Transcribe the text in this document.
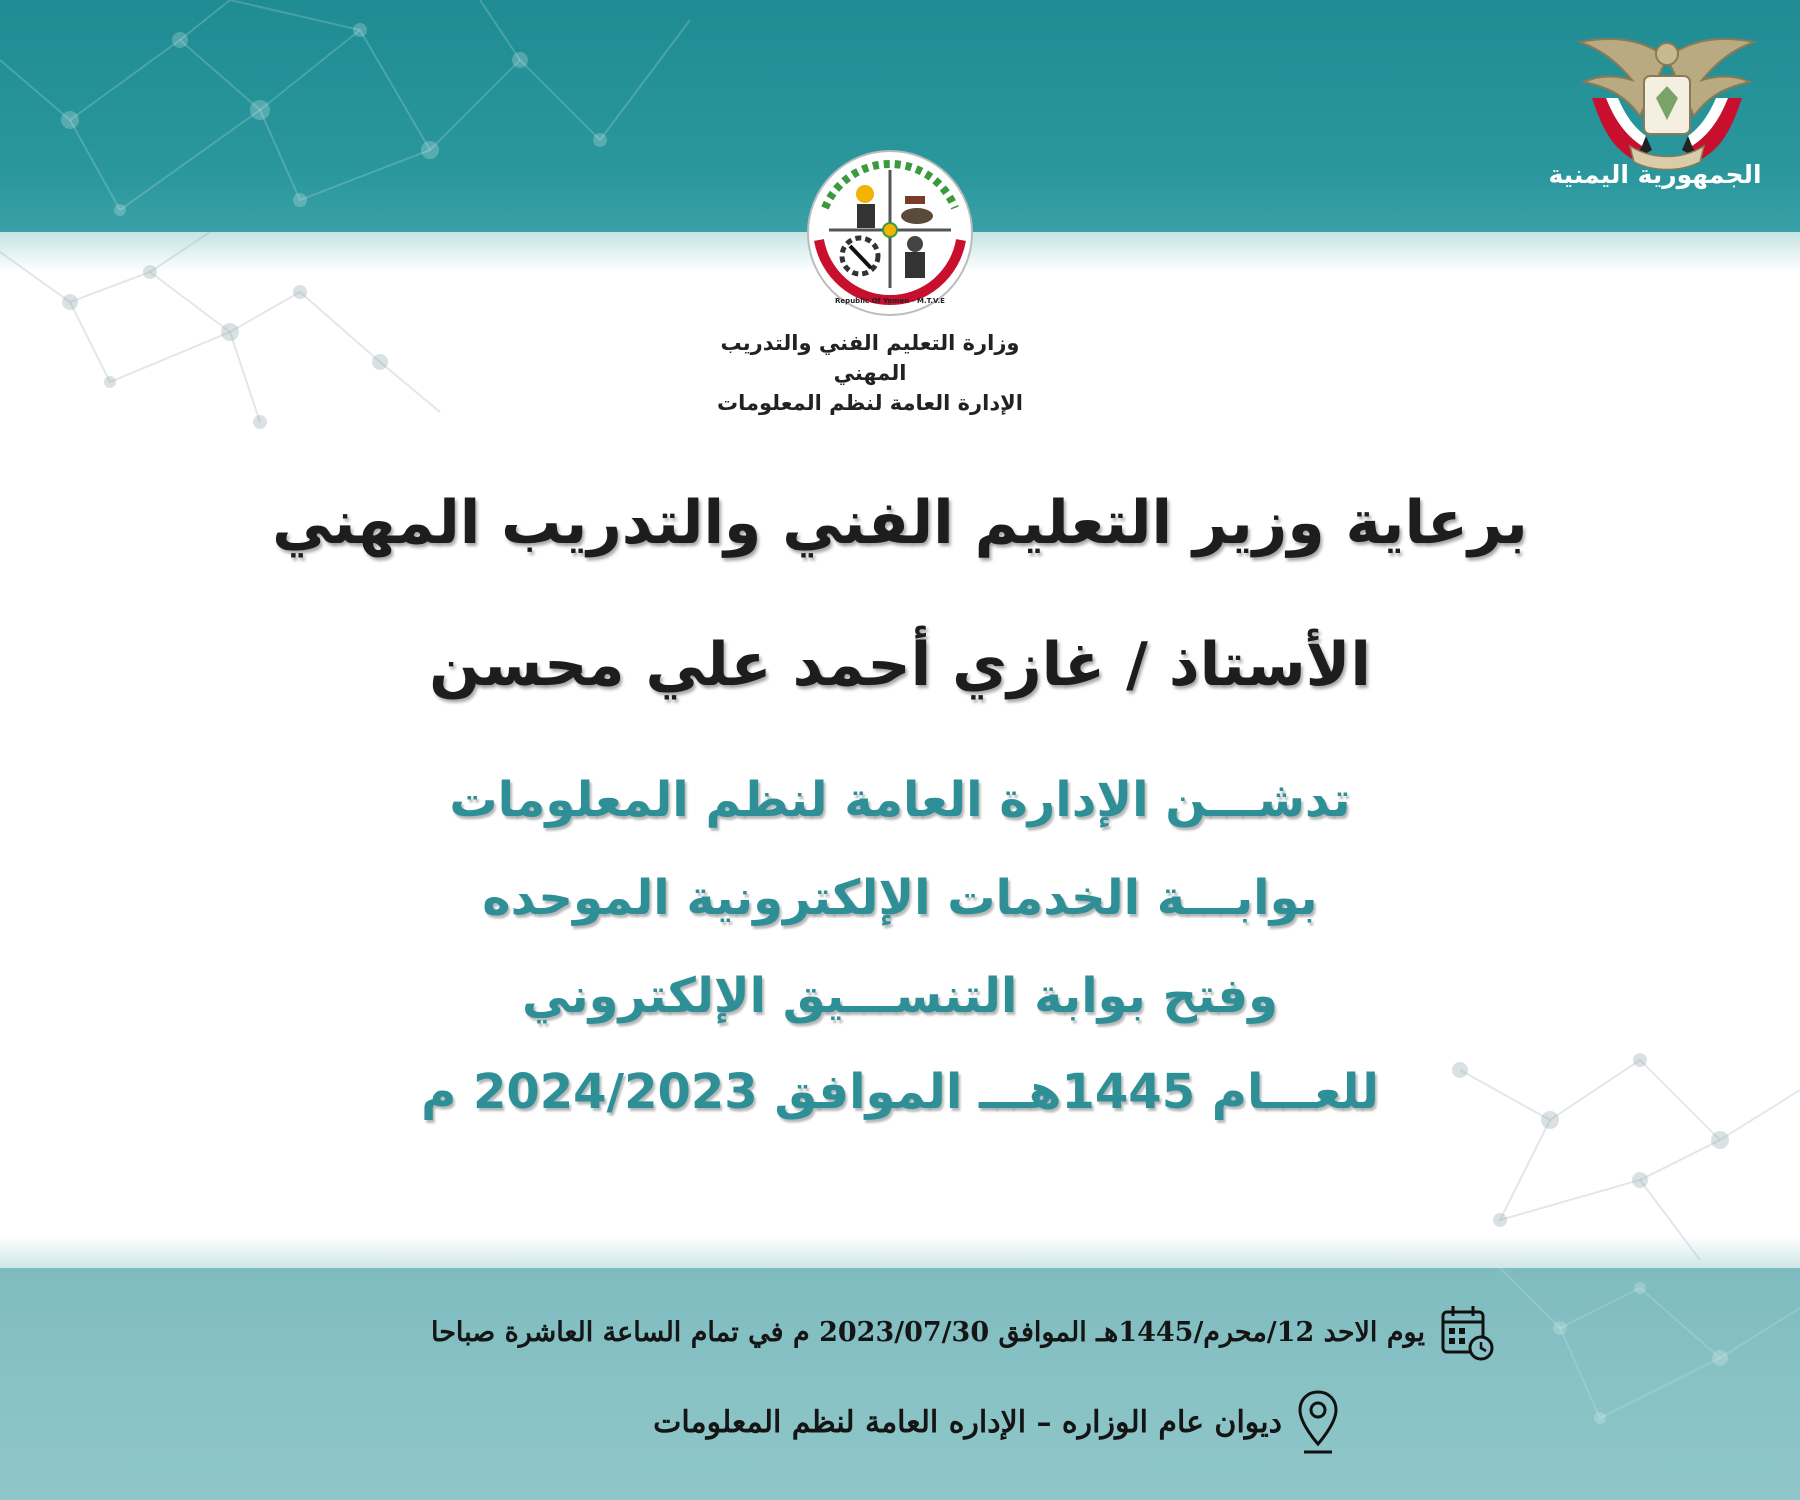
الجمهورية اليمنية
Republic Of Yemen - M.T.V.E
وزارة التعليم الفني والتدريب المهني
الإدارة العامة لنظم المعلومات
برعاية وزير التعليم الفني والتدريب المهني
الأستاذ / غازي أحمد علي محسن
تدشـــن الإدارة العامة لنظم المعلومات
بوابـــة الخدمات الإلكترونية الموحده
وفتح بوابة التنســـيق الإلكتروني
للعـــام 1445هـــ الموافق 2024/2023 م
يوم الاحد 12/محرم/1445هـ الموافق 2023/07/30 م في تمام الساعة العاشرة صباحا
ديوان عام الوزاره – الإداره العامة لنظم المعلومات
